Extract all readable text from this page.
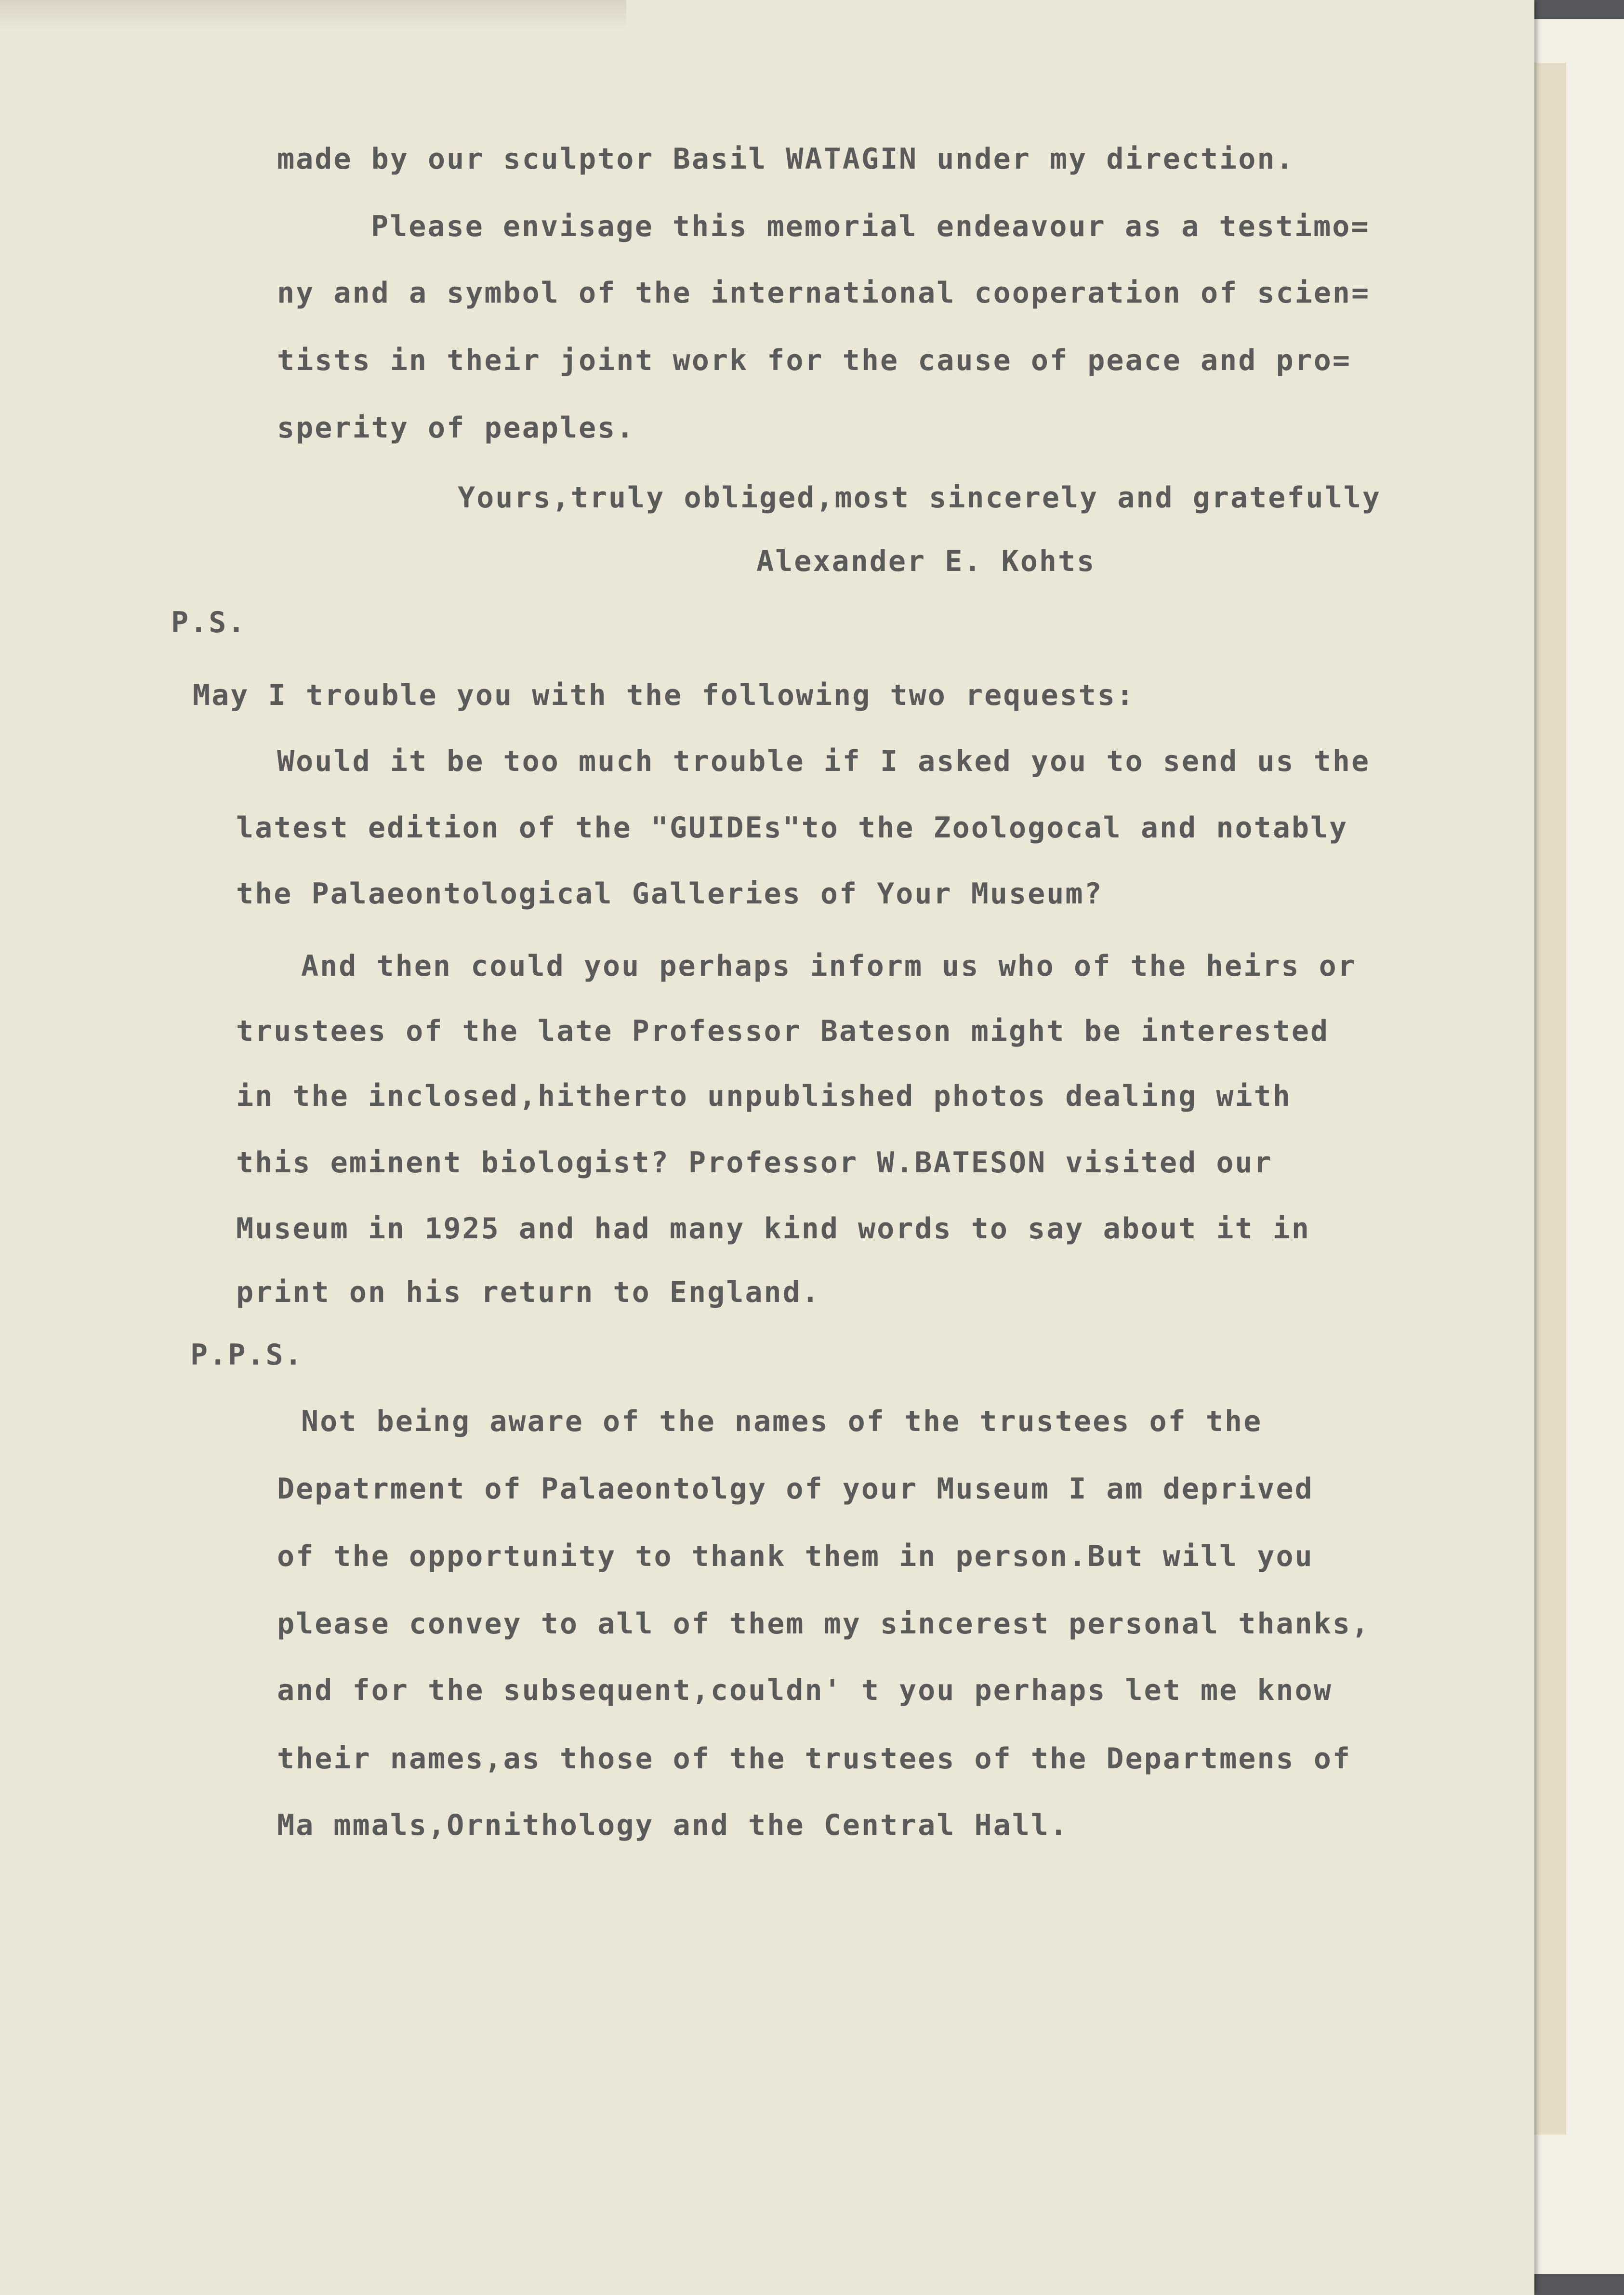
made by our sculptor Basil WATAGIN under my direction.

Please envisage this memorial endeavour as a testimo=

ny and a symbol of the international cooperation of scien=

tists in their joint work for the cause of peace and pro=

sperity of peaples.

Yours,truly obliged,most sincerely and gratefully

Alexander E. Kohts

P.S.

May I trouble you with the following two requests:

Would it be too much trouble if I asked you to send us the

latest edition of the "GUIDEs"to the Zoologocal and notably

the Palaeontological Galleries of Your Museum?

And then could you perhaps inform us who of the heirs or

trustees of the late Professor Bateson might be interested

in the inclosed,hitherto unpublished photos dealing with

this eminent biologist? Professor W.BATESON visited our

Museum in 1925 and had many kind words to say about it in

print on his return to England.

P.P.S.

Not being aware of the names of the trustees of the

Depatrment of Palaeontolgy of your Museum I am deprived

of the opportunity to thank them in person.But will you

please convey to all of them my sincerest personal thanks,

and for the subsequent,couldn' t you perhaps let me know

their names,as those of the trustees of the Departmens of

Ma mmals,Ornithology and the Central Hall.
